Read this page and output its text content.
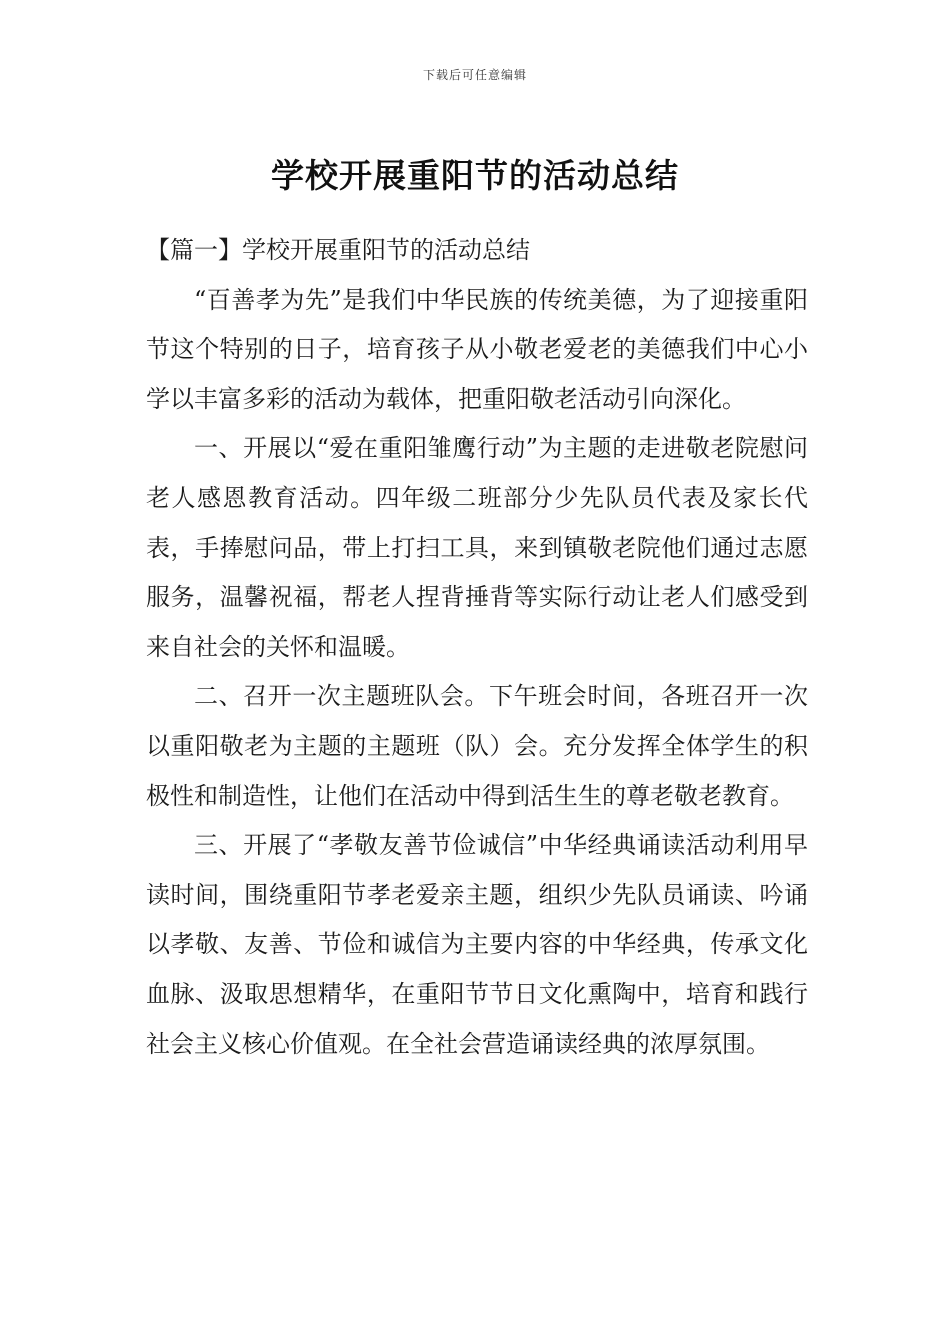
下载后可任意编辑
学校开展重阳节的活动总结

【篇一】学校开展重阳节的活动总结

“百善孝为先”是我们中华民族的传统美德，为了迎接重阳节这个特别的日子，培育孩子从小敬老爱老的美德我们中心小学以丰富多彩的活动为载体，把重阳敬老活动引向深化。

一、开展以“爱在重阳雏鹰行动”为主题的走进敬老院慰问老人感恩教育活动。四年级二班部分少先队员代表及家长代表，手捧慰问品，带上打扫工具，来到镇敬老院他们通过志愿服务，温馨祝福，帮老人捏背捶背等实际行动让老人们感受到来自社会的关怀和温暖。

二、召开一次主题班队会。下午班会时间，各班召开一次以重阳敬老为主题的主题班（队）会。充分发挥全体学生的积极性和制造性，让他们在活动中得到活生生的尊老敬老教育。

三、开展了“孝敬友善节俭诚信”中华经典诵读活动利用早读时间，围绕重阳节孝老爱亲主题，组织少先队员诵读、吟诵以孝敬、友善、节俭和诚信为主要内容的中华经典，传承文化血脉、汲取思想精华，在重阳节节日文化熏陶中，培育和践行社会主义核心价值观。在全社会营造诵读经典的浓厚氛围。
